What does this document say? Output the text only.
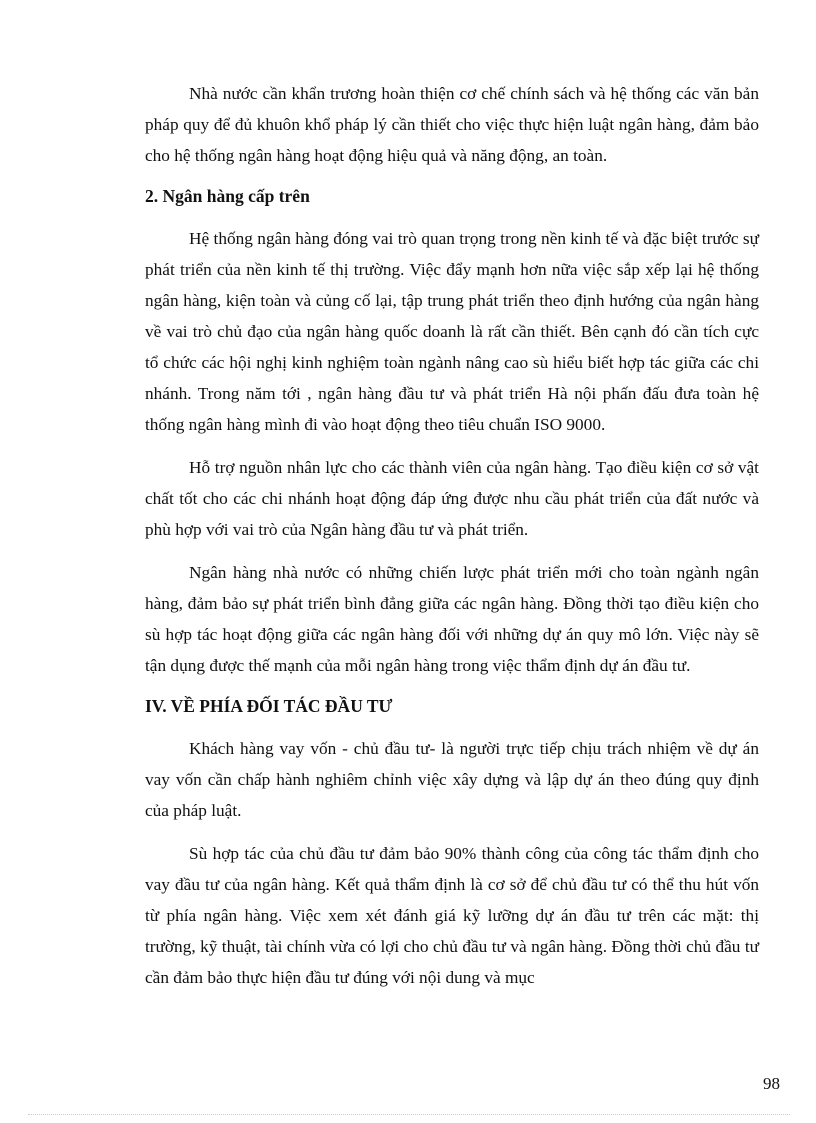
Nhà nước cần khẩn trương hoàn thiện cơ chế chính sách và hệ thống các văn bản pháp quy để đủ khuôn khổ pháp lý cần thiết cho việc thực hiện luật ngân hàng, đảm bảo cho hệ thống ngân hàng hoạt động hiệu quả và năng động, an toàn.

2. Ngân hàng cấp trên

Hệ thống ngân hàng đóng vai trò quan trọng trong nền kinh tế và đặc biệt trước sự phát triển của nền kinh tế thị trường. Việc đẩy mạnh hơn nữa việc sắp xếp lại hệ thống ngân hàng, kiện toàn và củng cố lại, tập trung phát triển theo định hướng của ngân hàng về vai trò chủ đạo của ngân hàng quốc doanh là rất cần thiết. Bên cạnh đó cần tích cực tổ chức các hội nghị kinh nghiệm toàn ngành nâng cao sù hiểu biết hợp tác giữa các chi nhánh. Trong năm tới , ngân hàng đầu tư và phát triển Hà nội phấn đấu đưa toàn hệ thống ngân hàng mình đi vào hoạt động theo tiêu chuẩn ISO 9000.

Hỗ trợ nguồn nhân lực cho các thành viên của ngân hàng. Tạo điều kiện cơ sở vật chất tốt cho các chi nhánh hoạt động đáp ứng được nhu cầu phát triển của đất nước và phù hợp với vai trò của Ngân hàng đầu tư và phát triển.

Ngân hàng nhà nước có những chiến lược phát triển mới cho toàn ngành ngân hàng, đảm bảo sự phát triển bình đẳng giữa các ngân hàng. Đồng thời tạo điều kiện cho sù hợp tác hoạt động giữa các ngân hàng đối với những dự án quy mô lớn. Việc này sẽ tận dụng được thế mạnh của mỗi ngân hàng trong việc thẩm định dự án đầu tư.

IV. VỀ PHÍA ĐỐI TÁC ĐẦU TƯ

Khách hàng vay vốn - chủ đầu tư- là người trực tiếp chịu trách nhiệm về dự án vay vốn cần chấp hành nghiêm chỉnh việc xây dựng và lập dự án theo đúng quy định của pháp luật.

Sù hợp tác của chủ đầu tư đảm bảo 90% thành công của công tác thẩm định cho vay đầu tư của ngân hàng. Kết quả thẩm định là cơ sở để chủ đầu tư có thể thu hút vốn từ phía ngân hàng. Việc xem xét đánh giá kỹ lưỡng dự án đầu tư trên các mặt: thị trường, kỹ thuật, tài chính vừa có lợi cho chủ đầu tư và ngân hàng. Đồng thời chủ đầu tư cần đảm bảo thực hiện đầu tư đúng với nội dung và mục

98
